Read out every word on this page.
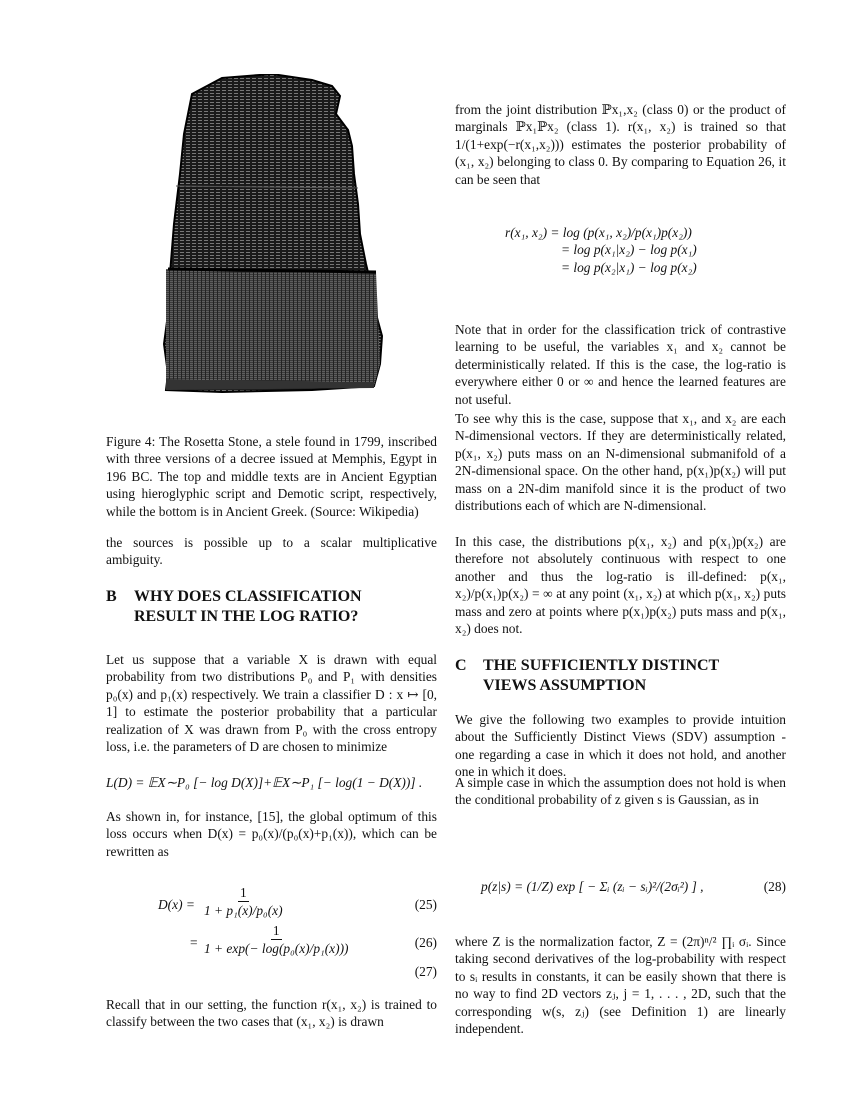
Figure 4: The Rosetta Stone, a stele found in 1799, inscribed with three versions of a decree issued at Memphis, Egypt in 196 BC. The top and middle texts are in Ancient Egyptian using hieroglyphic script and Demotic script, respectively, while the bottom is in Ancient Greek. (Source: Wikipedia)

the sources is possible up to a scalar multiplicative ambiguity.

B WHY DOES CLASSIFICATION
RESULT IN THE LOG RATIO?

Let us suppose that a variable X is drawn with equal probability from two distributions P₀ and P₁ with densities p₀(x) and p₁(x) respectively. We train a classifier D : x ↦ [0, 1] to estimate the posterior probability that a particular realization of X was drawn from P₀ with the cross entropy loss, i.e. the parameters of D are chosen to minimize

L(D) = 𝔼X∼P₀ [− log D(X)]+𝔼X∼P₁ [− log(1 − D(X))] .

As shown in, for instance, [15], the global optimum of this loss occurs when D(x) = p₀(x)/(p₀(x)+p₁(x)), which can be rewritten as

$D(x) = \frac{1}{\text{1 + p₁(x)/p₀(x)}}$	(25)
= $\frac{1}{\text{1 + exp(− log(p₀(x)/p₁(x)))}}$	(26)
(27)

Recall that in our setting, the function r(x₁, x₂) is trained to classify between the two cases that (x₁, x₂) is drawn

from the joint distribution ℙx₁,x₂ (class 0) or the product of marginals ℙx₁ℙx₂ (class 1). r(x₁, x₂) is trained so that 1/(1+exp(−r(x₁,x₂))) estimates the posterior probability of (x₁, x₂) belonging to class 0. By comparing to Equation 26, it can be seen that

r(x₁, x₂) = log (p(x₁, x₂)/p(x₁)p(x₂))
= log p(x₁|x₂) − log p(x₁)
= log p(x₂|x₁) − log p(x₂)

Note that in order for the classification trick of contrastive learning to be useful, the variables x₁ and x₂ cannot be deterministically related. If this is the case, the log-ratio is everywhere either 0 or ∞ and hence the learned features are not useful.

To see why this is the case, suppose that x₁, and x₂ are each N-dimensional vectors. If they are deterministically related, p(x₁, x₂) puts mass on an N-dimensional submanifold of a 2N-dimensional space. On the other hand, p(x₁)p(x₂) will put mass on a 2N-dim manifold since it is the product of two distributions each of which are N-dimensional.

In this case, the distributions p(x₁, x₂) and p(x₁)p(x₂) are therefore not absolutely continuous with respect to one another and thus the log-ratio is ill-defined: p(x₁, x₂)/p(x₁)p(x₂) = ∞ at any point (x₁, x₂) at which p(x₁, x₂) puts mass and zero at points where p(x₁)p(x₂) puts mass and p(x₁, x₂) does not.

C THE SUFFICIENTLY DISTINCT
VIEWS ASSUMPTION

We give the following two examples to provide intuition about the Sufficiently Distinct Views (SDV) assumption - one regarding a case in which it does not hold, and another one in which it does.

A simple case in which the assumption does not hold is when the conditional probability of z given s is Gaussian, as in

p(z|s) = (1/Z) exp [ − Σᵢ (zᵢ − sᵢ)²/(2σᵢ²) ] ,	(28)

where Z is the normalization factor, Z = (2π)ⁿ/² ∏ᵢ σᵢ. Since taking second derivatives of the log-probability with respect to sᵢ results in constants, it can be easily shown that there is no way to find 2D vectors zⱼ, j = 1, . . . , 2D, such that the corresponding w(s, zⱼ) (see Definition 1) are linearly independent.
